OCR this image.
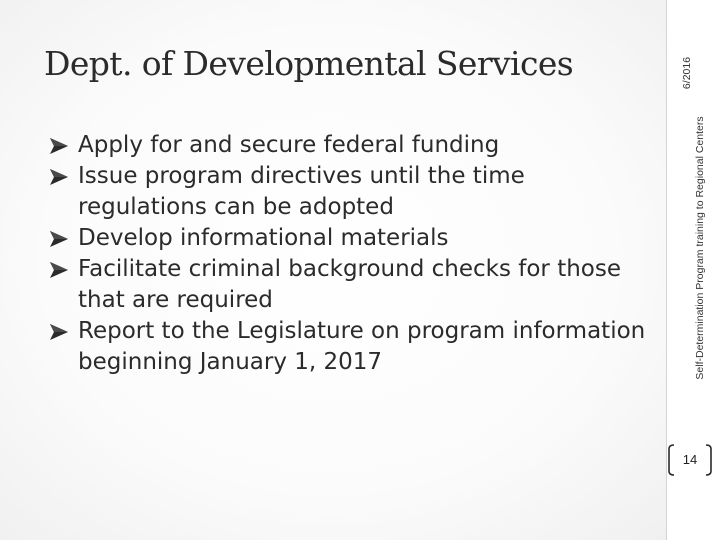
Dept. of Developmental Services
Apply for and secure federal funding
Issue program directives until the time regulations can be adopted
Develop informational materials
Facilitate criminal background checks for those that are required
Report to the Legislature on program information beginning January 1, 2017
6/2016
Self-Determination Program training to Regional Centers
14
